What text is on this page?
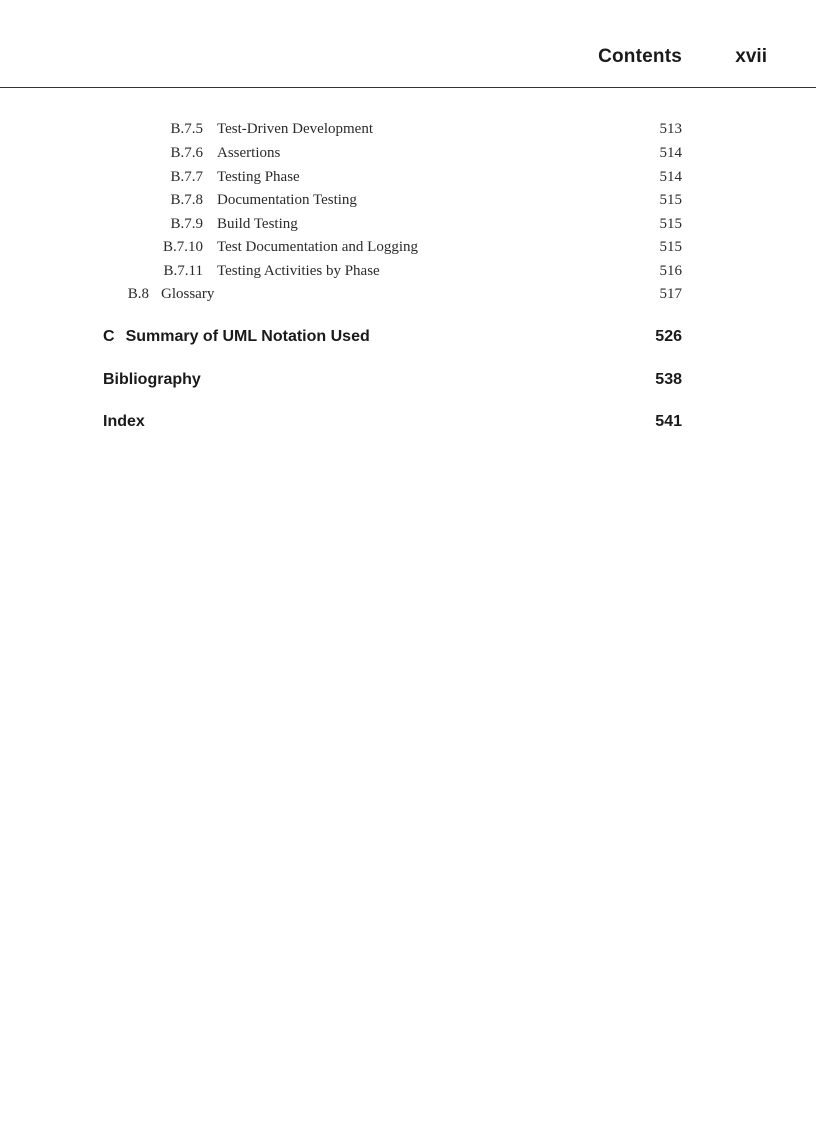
Contents	xvii
B.7.5 Test-Driven Development	513
B.7.6 Assertions	514
B.7.7 Testing Phase	514
B.7.8 Documentation Testing	515
B.7.9 Build Testing	515
B.7.10 Test Documentation and Logging	515
B.7.11 Testing Activities by Phase	516
B.8 Glossary	517
C Summary of UML Notation Used	526
Bibliography	538
Index	541
